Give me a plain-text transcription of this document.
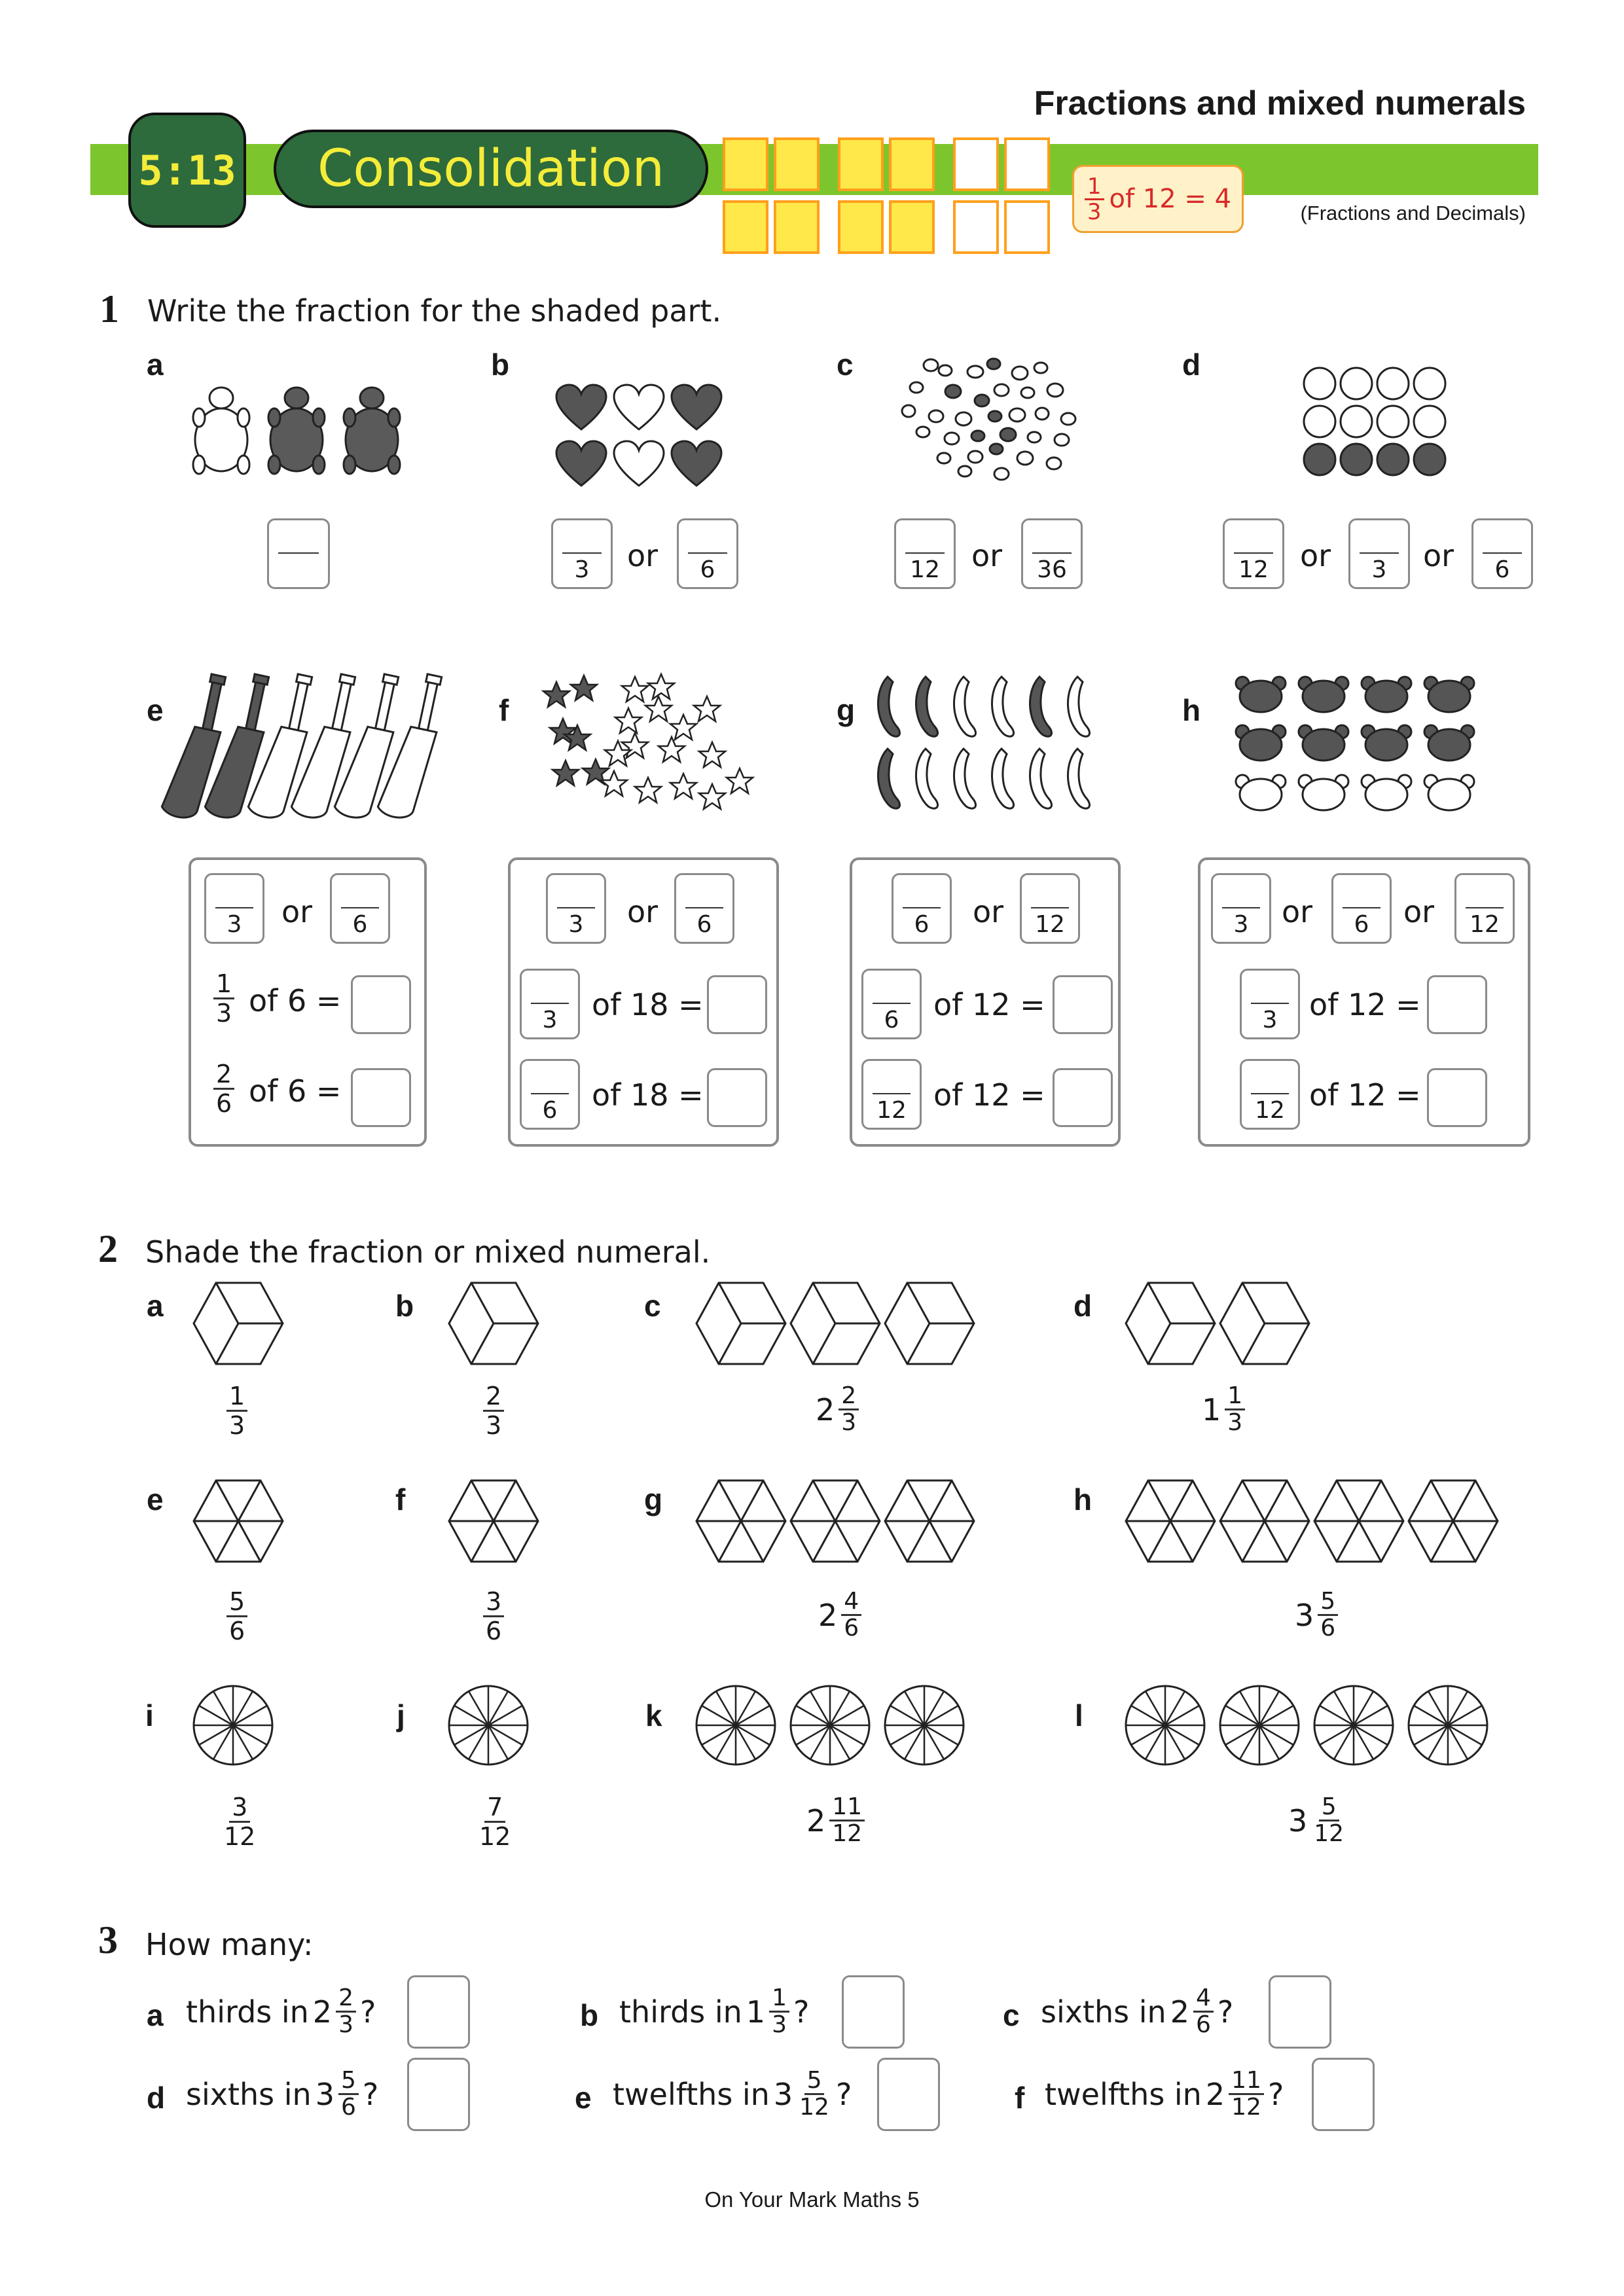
Fractions and mixed numerals
5:13	Consolidation
$\frac{1}{3}$ of 12 = 4	(Fractions and Decimals)
1 Write the fraction for the shaded part.
a	b	c	d
3	or	6	12	or	36	12	or	3	or	6
e	f	g	h
3	or	6
$\frac{1}{3}$ of 6 =
$\frac{2}{6}$ of 6 =
3	or	6
3	of 18 =
6	of 18 =
6	or	12
6	of 12 =
12 of 12 =
3	or	6	or	12
3	of 12 =
12 of 12 =
2 Shade the fraction or mixed numeral.
a
$\frac{1}{3}$
b
$\frac{2}{3}$
c
$2 \frac{2}{3}$
d
$1 \frac{1}{3}$
e
$\frac{5}{6}$
f
$\frac{3}{6}$
g
$2 \frac{4}{6}$
h
$3 \frac{5}{6}$
i
$\frac{3}{12}$
j
$\frac{7}{12}$
k
$2 \frac{11}{12}$
l
$3 \frac{5}{12}$
3 How many:
a thirds in $2 \frac{2}{3}$ ?	b thirds in $1 \frac{1}{3}$ ?	c sixths in $2 \frac{4}{6}$ ?
d sixths in $3 \frac{5}{6}$ ?	e twelfths in $3 \frac{5}{12}$ ?	f twelfths in $2 \frac{11}{12}$ ?
On Your Mark Maths 5
